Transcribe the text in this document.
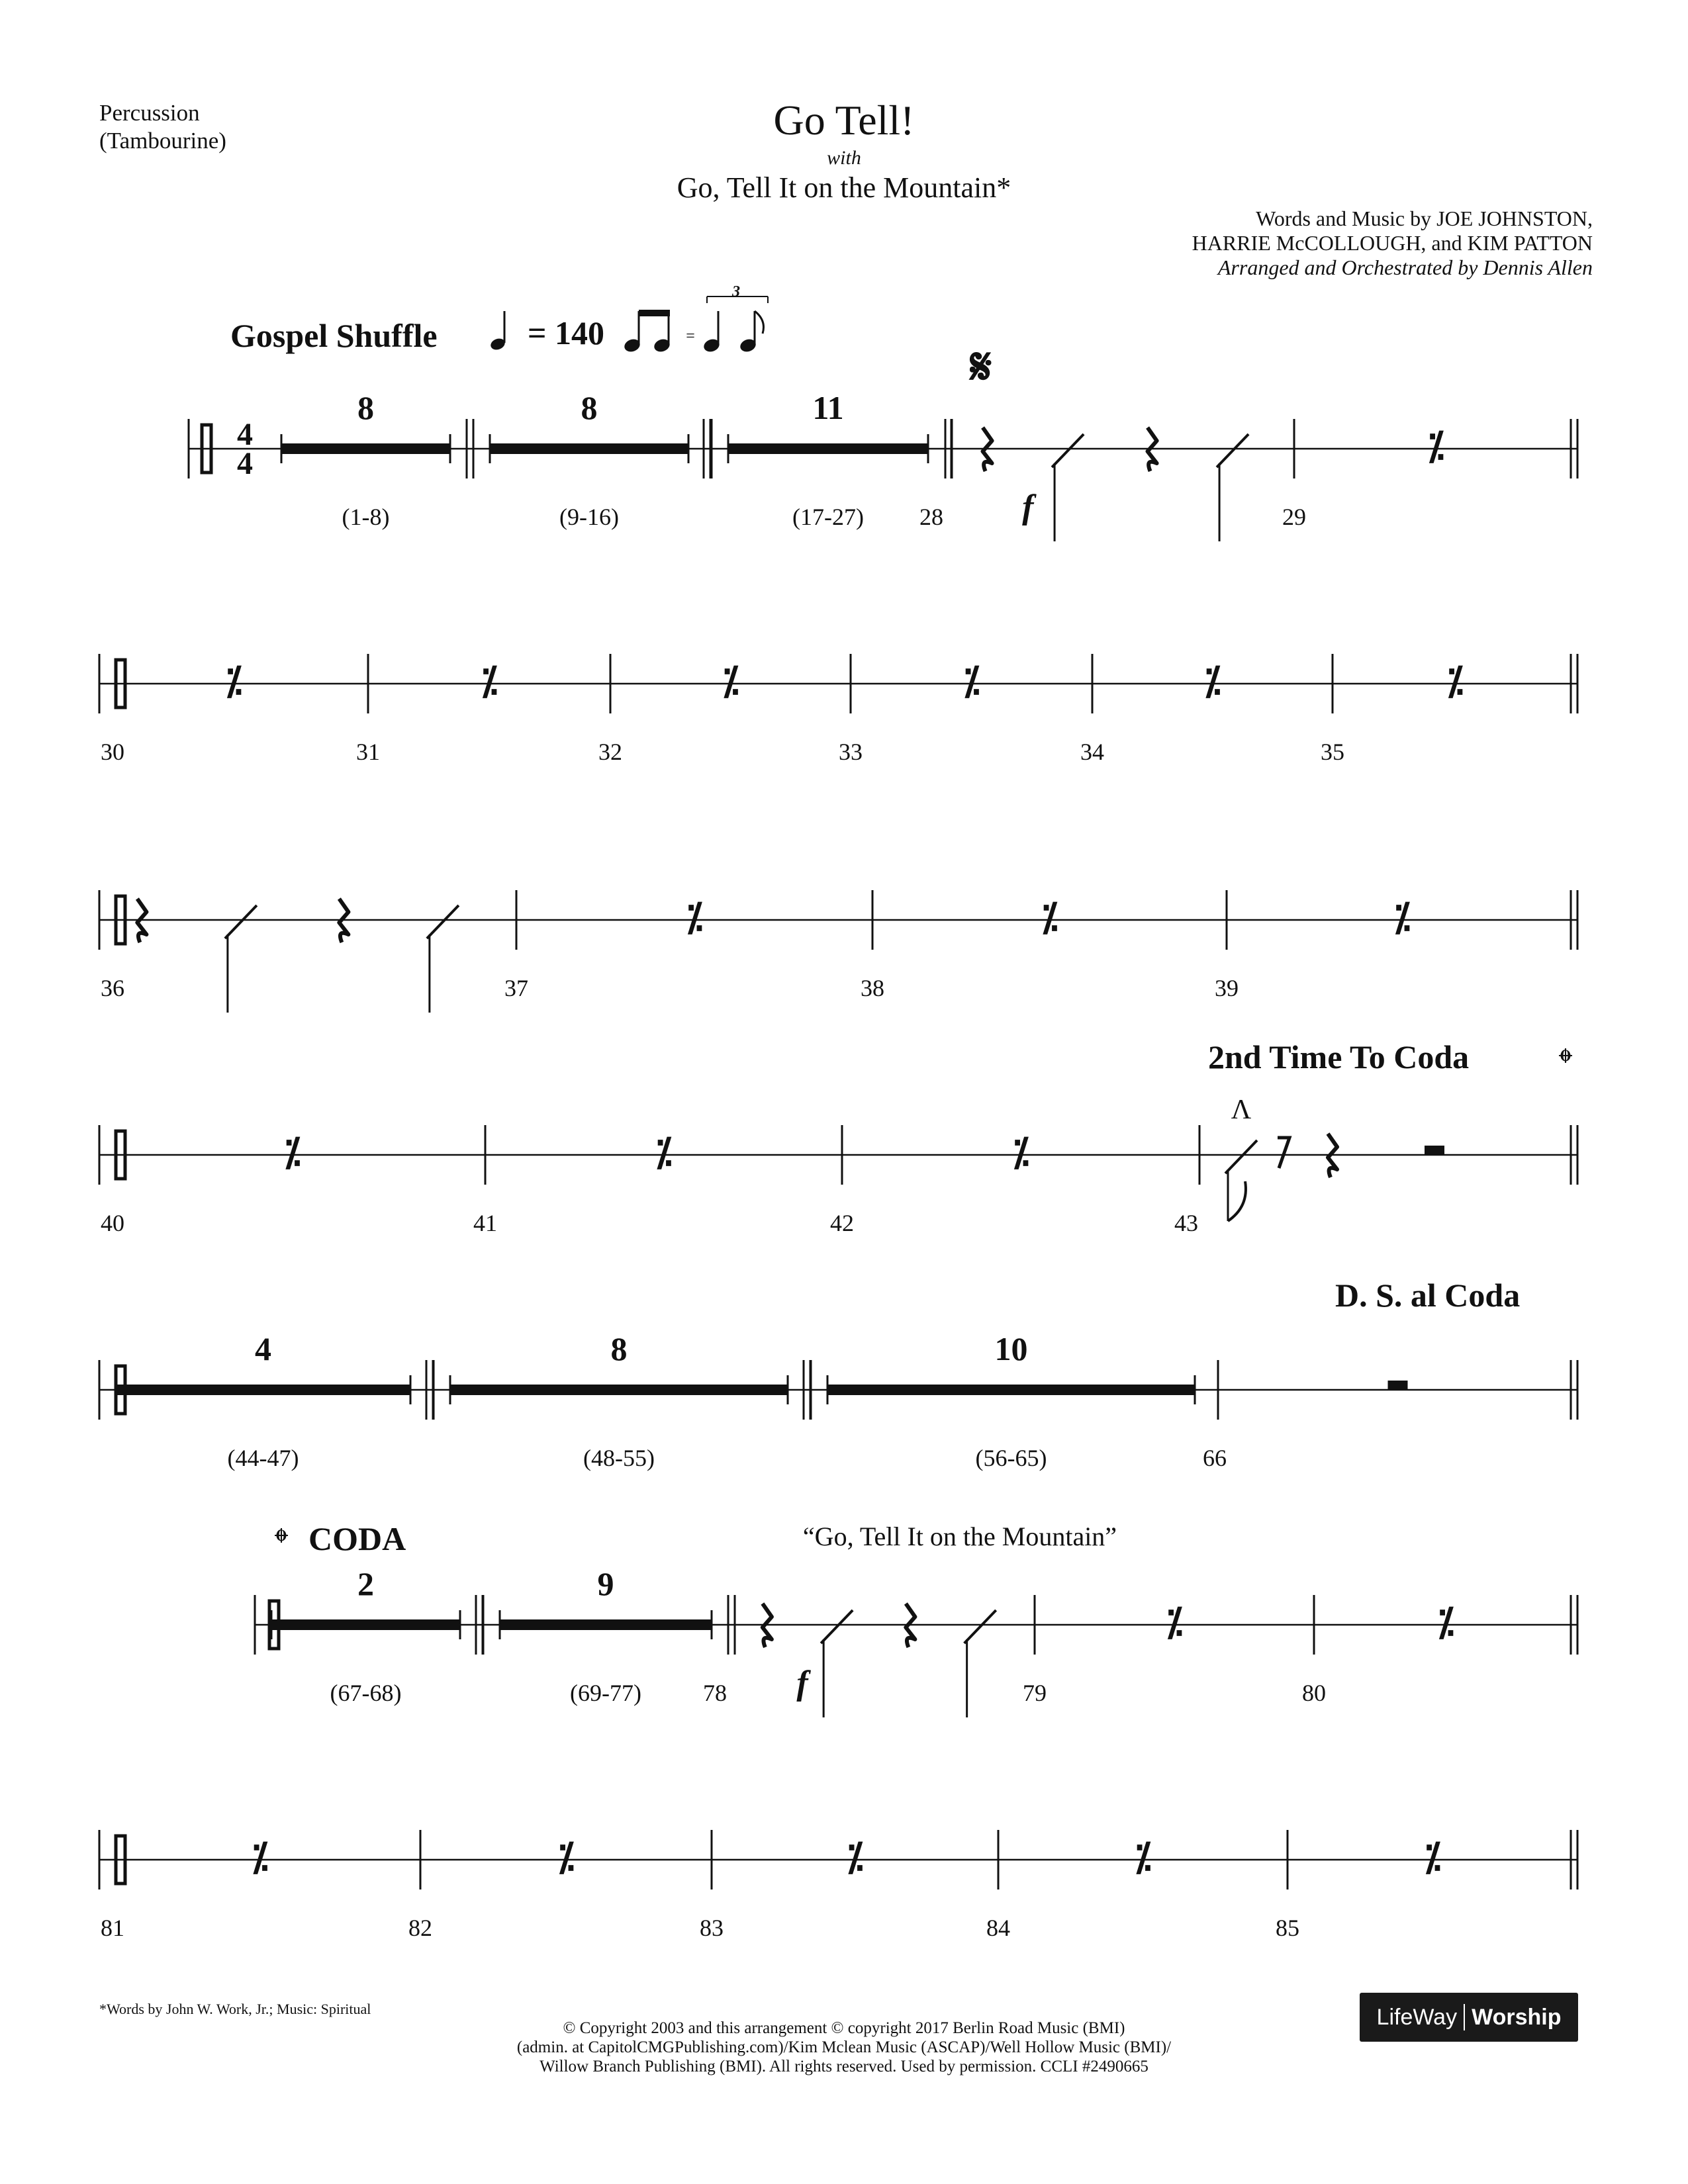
Percussion
(Tambourine)	Go Tell!
with
Go, Tell It on the Mountain*
Words and Music by JOE JOHNSTON,
HARRIE McCOLLOUGH, and KIM PATTON
Arranged and Orchestrated by Dennis Allen
Gospel Shuffle
2nd Time To Coda
D. S. al Coda
CODA	“Go, Tell It on the Mountain”
4
4
8
(1-8)
8
(9-16)
11
(17-27)	f
28
⁒
29
⁒
30
⁒
31
⁒
32
⁒
33
⁒
34
⁒
35
36
⁒
37
⁒
38
⁒
39
⁒
40
⁒
41
⁒
42
Λ
43
4
(44-47)
8
(48-55)
10
(56-65)	66
2
(67-68)
9
(69-77)	f
78
⁒
79
⁒
80
⁒
81
⁒
82
⁒
83
⁒
84
⁒
85
𝄋
𝄌
𝄌
= 140	=
3
*Words by John W. Work, Jr.; Music: Spiritual
© Copyright 2003 and this arrangement © copyright 2017 Berlin Road Music (BMI)
(admin. at CapitolCMGPublishing.com)/Kim Mclean Music (ASCAP)/Well Hollow Music (BMI)/
Willow Branch Publishing (BMI). All rights reserved. Used by permission. CCLI #2490665
LifeWay Worship
